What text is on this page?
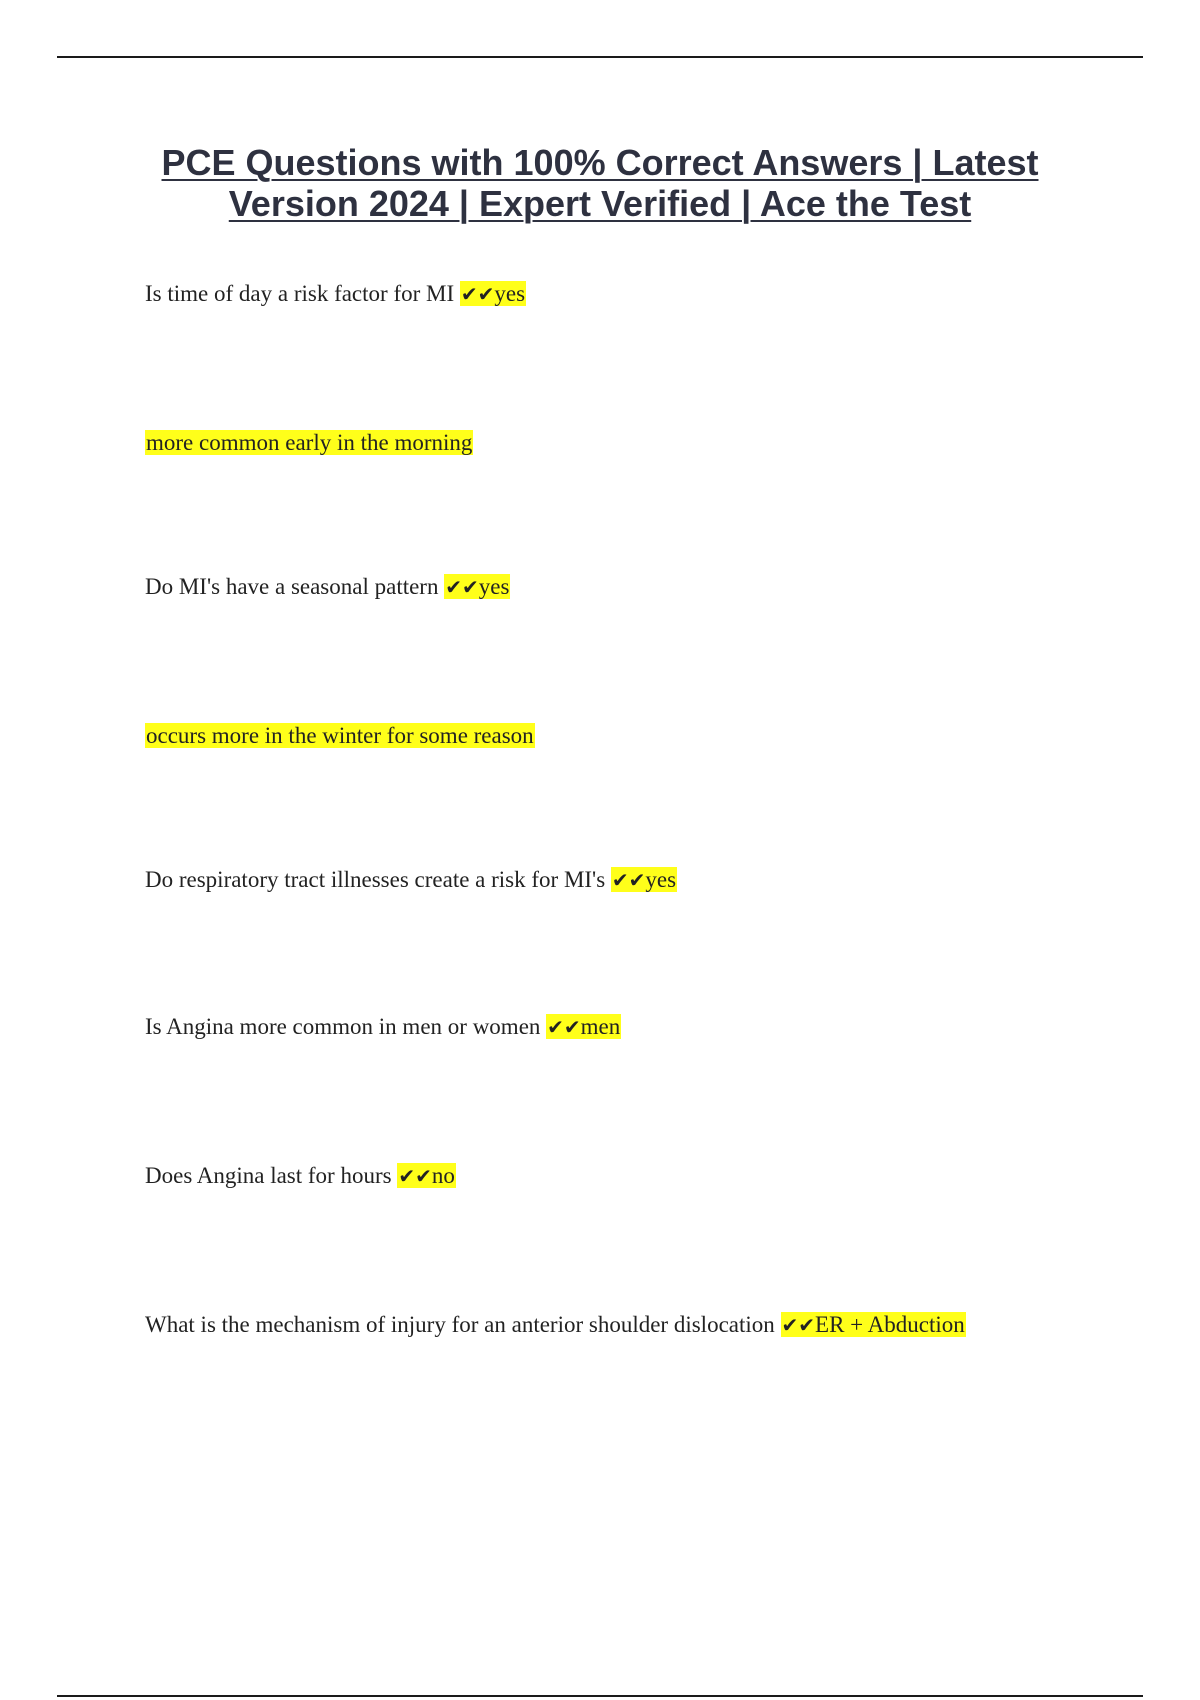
PCE Questions with 100% Correct Answers | Latest Version 2024 | Expert Verified | Ace the Test

Is time of day a risk factor for MI ✔✔yes

more common early in the morning

Do MI's have a seasonal pattern ✔✔yes

occurs more in the winter for some reason

Do respiratory tract illnesses create a risk for MI's ✔✔yes

Is Angina more common in men or women ✔✔men

Does Angina last for hours ✔✔no

What is the mechanism of injury for an anterior shoulder dislocation ✔✔ER + Abduction
